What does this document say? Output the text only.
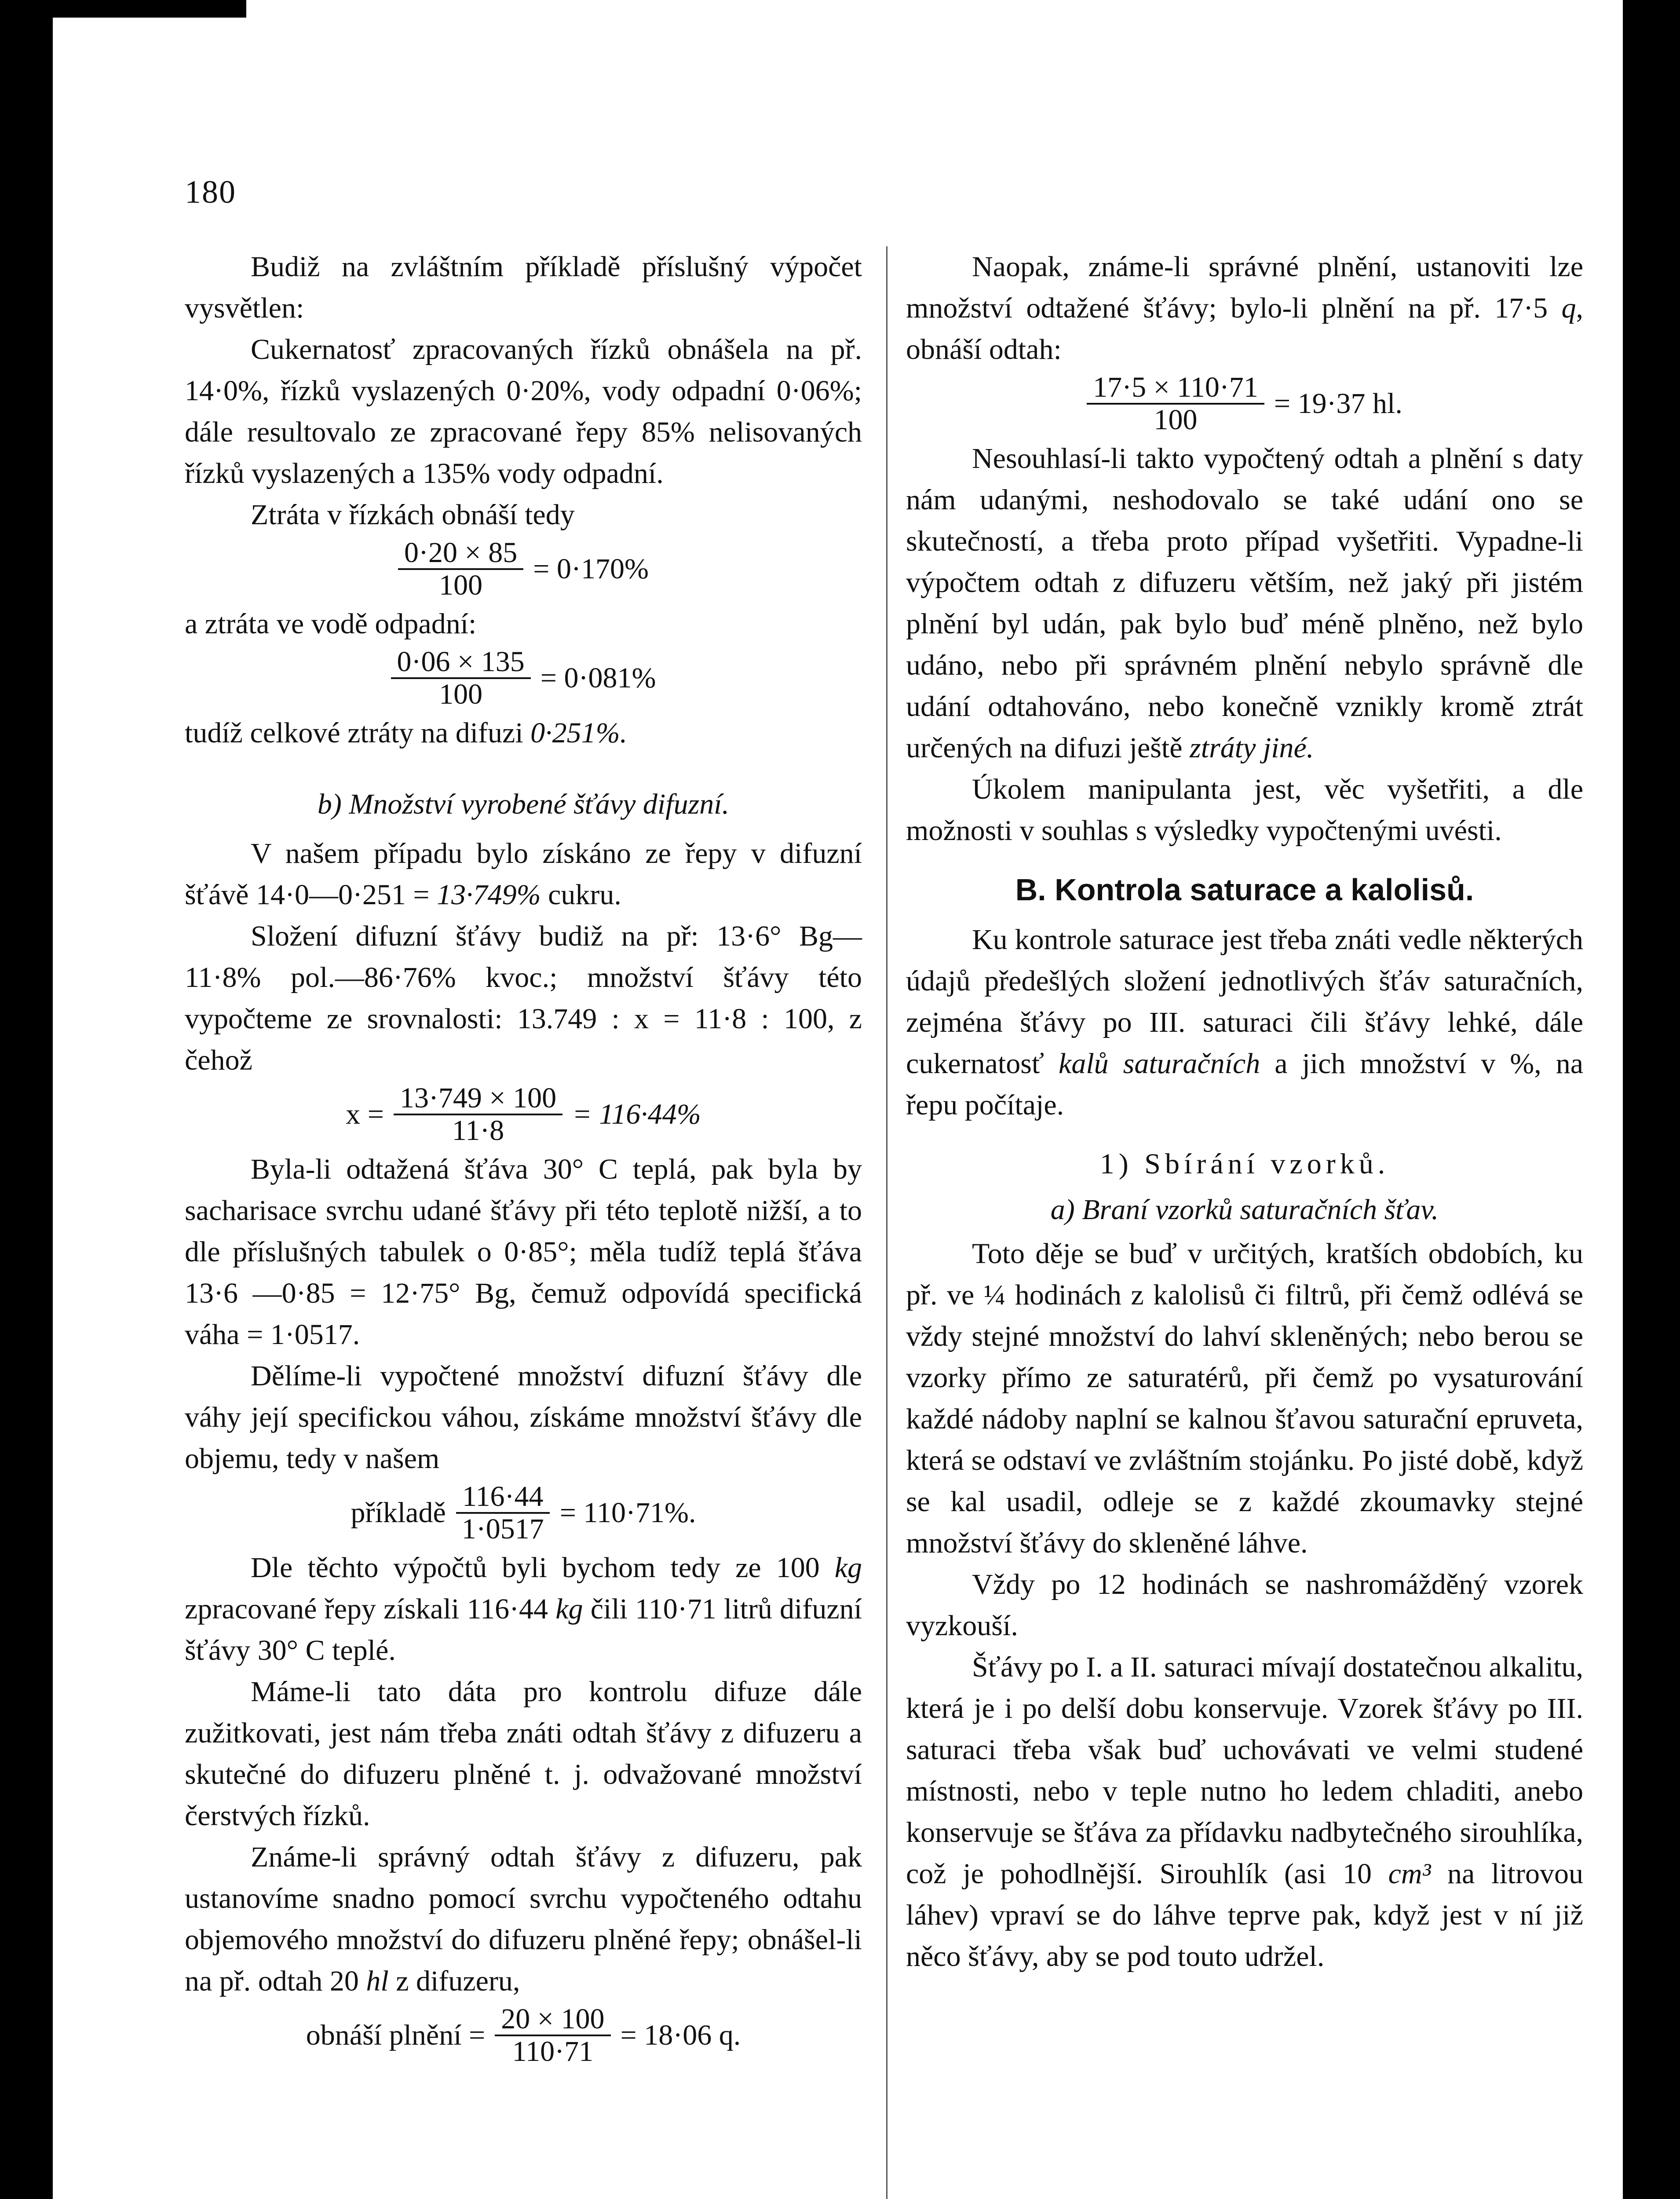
180

Budiž na zvláštním příkladě příslušný výpočet vysvětlen:

Cukernatosť zpracovaných řízků obnášela na př. 14·0%, řízků vyslazených 0·20%, vody odpadní 0·06%; dále resultovalo ze zpracované řepy 85% nelisovaných řízků vyslazených a 135% vody odpadní.

Ztráta v řízkách obnáší tedy

$\frac{0\cdot 20 \times 85}{100} = 0\cdot 170\%$

a ztráta ve vodě odpadní:

$\frac{0\cdot 06 \times 135}{100} = 0\cdot 081\%$

tudíž celkové ztráty na difuzi 0·251%.

b) Množství vyrobené šťávy difuzní.

V našem případu bylo získáno ze řepy v difuzní šťávě 14·0—0·251 = 13·749% cukru.

Složení difuzní šťávy budiž na př: 13·6° Bg—11·8% pol.—86·76% kvoc.; množství šťávy této vypočteme ze srovnalosti: 13.749 : x = 11·8 : 100, z čehož

$x = \frac{13\cdot 749 \times 100}{11\cdot 8} = 116\cdot 44\%$

Byla-li odtažená šťáva 30° C teplá, pak byla by sacharisace svrchu udané šťávy při této teplotě nižší, a to dle příslušných tabulek o 0·85°; měla tudíž teplá šťáva 13·6 —0·85 = 12·75° Bg, čemuž odpovídá specifická váha = 1·0517.

Dělíme-li vypočtené množství difuzní šťávy dle váhy její specifickou váhou, získáme množství šťávy dle objemu, tedy v našem

příkladě $\frac{116\cdot 44}{1\cdot 0517} = 110\cdot 71\%$.

Dle těchto výpočtů byli bychom tedy ze 100 kg zpracované řepy získali 116·44 kg čili 110·71 litrů difuzní šťávy 30° C teplé.

Máme-li tato dáta pro kontrolu difuze dále zužitkovati, jest nám třeba znáti odtah šťávy z difuzeru a skutečné do difuzeru plněné t. j. odvažované množství čerstvých řízků.

Známe-li správný odtah šťávy z difuzeru, pak ustanovíme snadno pomocí svrchu vypočteného odtahu objemového množství do difuzeru plněné řepy; obnášel-li na př. odtah 20 hl z difuzeru,

obnáší plnění = $\frac{20 \times 100}{110\cdot 71} = 18\cdot 06$ q.

Naopak, známe-li správné plnění, ustanoviti lze množství odtažené šťávy; bylo-li plnění na př. 17·5 q, obnáší odtah:

$\frac{17\cdot 5 \times 110\cdot 71}{100} = 19\cdot 37$ hl.

Nesouhlasí-li takto vypočtený odtah a plnění s daty nám udanými, neshodovalo se také udání ono se skutečností, a třeba proto případ vyšetřiti. Vypadne-li výpočtem odtah z difuzeru větším, než jaký při jistém plnění byl udán, pak bylo buď méně plněno, než bylo udáno, nebo při správném plnění nebylo správně dle udání odtahováno, nebo konečně vznikly kromě ztrát určených na difuzi ještě ztráty jiné.

Úkolem manipulanta jest, věc vyšetřiti, a dle možnosti v souhlas s výsledky vypočtenými uvésti.

B. Kontrola saturace a kalolisů.

Ku kontrole saturace jest třeba znáti vedle některých údajů předešlých složení jednotlivých šťáv saturačních, zejména šťávy po III. saturaci čili šťávy lehké, dále cukernatosť kalů saturačních a jich množství v %, na řepu počítaje.

1) Sbírání vzorků.

a) Braní vzorků saturačních šťav.

Toto děje se buď v určitých, kratších obdobích, ku př. ve ¼ hodinách z kalolisů či filtrů, při čemž odlévá se vždy stejné množství do lahví skleněných; nebo berou se vzorky přímo ze saturatérů, při čemž po vysaturování každé nádoby naplní se kalnou šťavou saturační epruveta, která se odstaví ve zvláštním stojánku. Po jisté době, když se kal usadil, odleje se z každé zkoumavky stejné množství šťávy do skleněné láhve.

Vždy po 12 hodinách se nashromážděný vzorek vyzkouší.

Šťávy po I. a II. saturaci mívají dostatečnou alkalitu, která je i po delší dobu konservuje. Vzorek šťávy po III. saturaci třeba však buď uchovávati ve velmi studené místnosti, nebo v teple nutno ho ledem chladiti, anebo konservuje se šťáva za přídavku nadbytečného sirouhlíka, což je pohodlnější. Sirouhlík (asi 10 cm³ na litrovou láhev) vpraví se do láhve teprve pak, když jest v ní již něco šťávy, aby se pod touto udržel.
